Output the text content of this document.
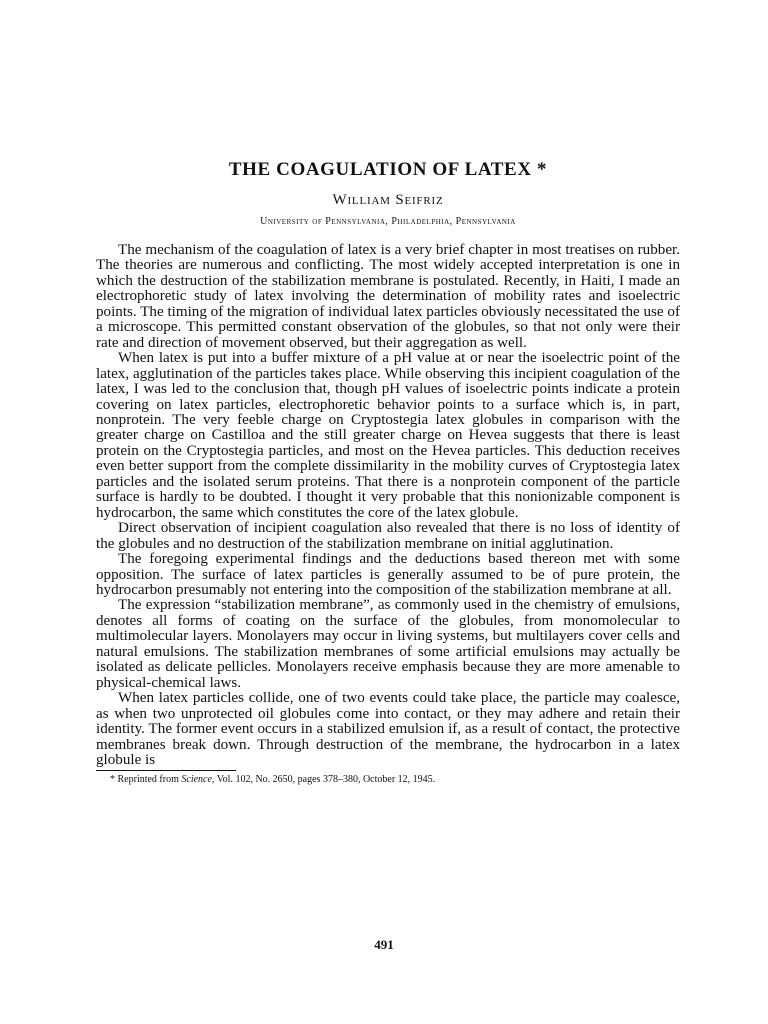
THE COAGULATION OF LATEX *
William Seifriz
University of Pennsylvania, Philadelphia, Pennsylvania

The mechanism of the coagulation of latex is a very brief chapter in most treatises on rubber. The theories are numerous and conflicting. The most widely accepted interpretation is one in which the destruction of the stabilization membrane is postulated. Recently, in Haiti, I made an electrophoretic study of latex involving the determination of mobility rates and isoelectric points. The timing of the migration of individual latex particles obviously necessitated the use of a microscope. This permitted constant observation of the globules, so that not only were their rate and direction of movement observed, but their aggregation as well.

When latex is put into a buffer mixture of a pH value at or near the isoelectric point of the latex, agglutination of the particles takes place. While observing this incipient coagulation of the latex, I was led to the conclusion that, though pH values of isoelectric points indicate a protein covering on latex particles, electrophoretic behavior points to a surface which is, in part, nonprotein. The very feeble charge on Cryptostegia latex globules in comparison with the greater charge on Castilloa and the still greater charge on Hevea suggests that there is least protein on the Cryptostegia particles, and most on the Hevea particles. This deduction receives even better support from the complete dissimilarity in the mobility curves of Cryptostegia latex particles and the isolated serum proteins. That there is a nonprotein component of the particle surface is hardly to be doubted. I thought it very probable that this nonionizable component is hydrocarbon, the same which constitutes the core of the latex globule.

Direct observation of incipient coagulation also revealed that there is no loss of identity of the globules and no destruction of the stabilization membrane on initial agglutination.

The foregoing experimental findings and the deductions based thereon met with some opposition. The surface of latex particles is generally assumed to be of pure protein, the hydrocarbon presumably not entering into the composition of the stabilization membrane at all.

The expression “stabilization membrane”, as commonly used in the chemistry of emulsions, denotes all forms of coating on the surface of the globules, from monomolecular to multimolecular layers. Monolayers may occur in living systems, but multilayers cover cells and natural emulsions. The stabilization membranes of some artificial emulsions may actually be isolated as delicate pellicles. Monolayers receive emphasis because they are more amenable to physical-chemical laws.

When latex particles collide, one of two events could take place, the particle may coalesce, as when two unprotected oil globules come into contact, or they may adhere and retain their identity. The former event occurs in a stabilized emulsion if, as a result of contact, the protective membranes break down. Through destruction of the membrane, the hydrocarbon in a latex globule is

* Reprinted from Science, Vol. 102, No. 2650, pages 378–380, October 12, 1945.
491
